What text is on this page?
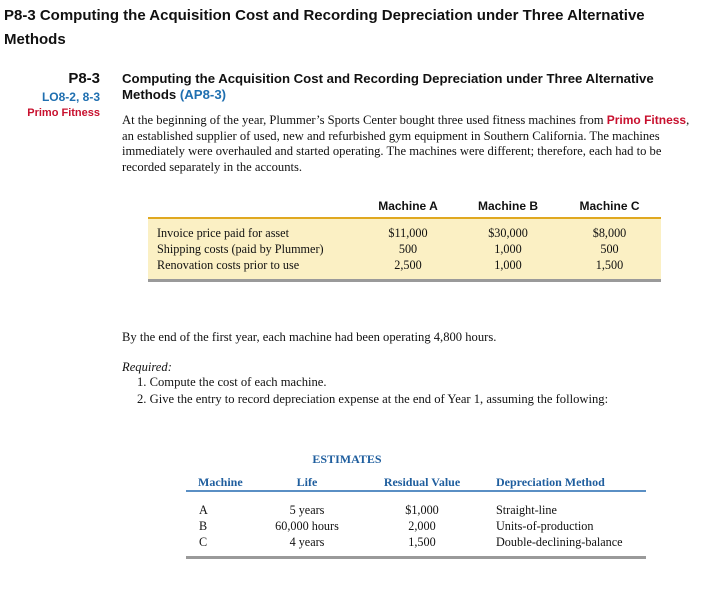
P8-3 Computing the Acquisition Cost and Recording Depreciation under Three Alternative
Methods
P8-3
LO8-2, 8-3
Primo Fitness
Computing the Acquisition Cost and Recording Depreciation under Three Alternative
Methods (AP8-3)
At the beginning of the year, Plummer’s Sports Center bought three used fitness machines from Primo Fitness, an established supplier of used, new and refurbished gym equipment in Southern California. The machines immediately were overhauled and started operating. The machines were different; therefore, each had to be recorded separately in the accounts.
	Machine A	Machine B	Machine C

Invoice price paid for asset	$11,000	$30,000	$8,000
Shipping costs (paid by Plummer)	500	1,000	500
Renovation costs prior to use	2,500	1,000	1,500

By the end of the first year, each machine had been operating 4,800 hours.
Required:
1. Compute the cost of each machine.
2. Give the entry to record depreciation expense at the end of Year 1, assuming the following:
	ESTIMATES		
Machine	Life	Residual Value	Depreciation Method

A	5 years	$1,000	Straight-line
B	60,000 hours	2,000	Units-of-production
C	4 years	1,500	Double-declining-balance
